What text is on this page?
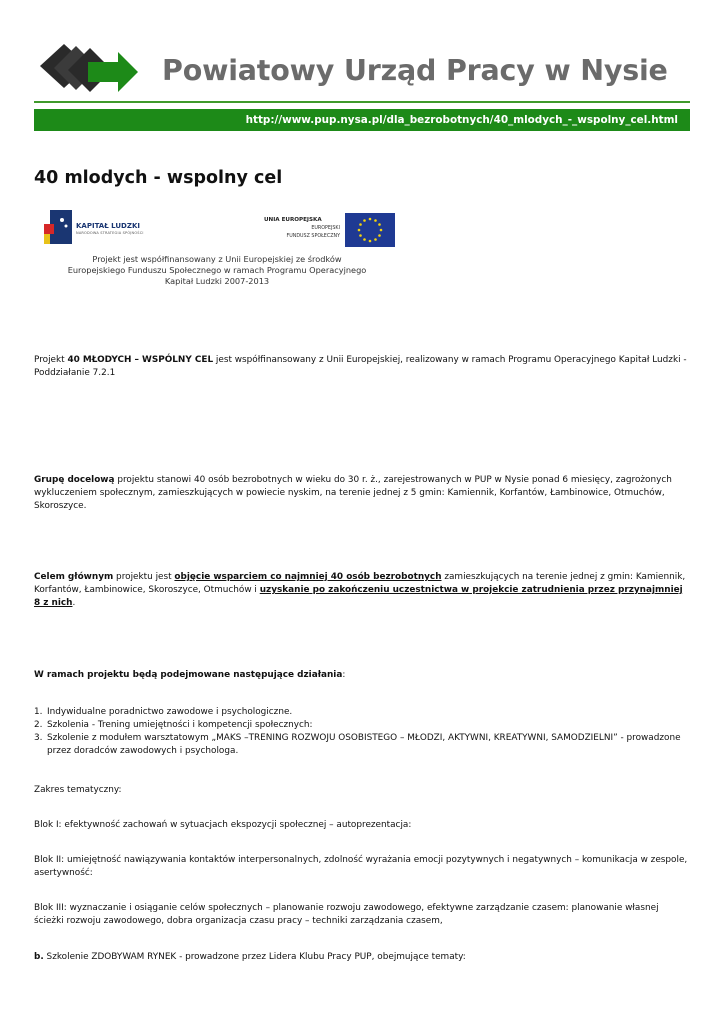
Powiatowy Urząd Pracy w Nysie
http://www.pup.nysa.pl/dla_bezrobotnych/40_mlodych_-_wspolny_cel.html
40 mlodych - wspolny cel
KAPITAŁ LUDZKI
NARODOWA STRATEGIA SPÓJNOŚCI
UNIA EUROPEJSKA
EUROPEJSKI
FUNDUSZ SPOŁECZNY
Projekt jest współfinansowany z Unii Europejskiej ze środków
Europejskiego Funduszu Społecznego w ramach Programu Operacyjnego
Kapitał Ludzki 2007-2013

Projekt 40 MŁODYCH – WSPÓLNY CEL jest współfinansowany z Unii Europejskiej, realizowany w ramach Programu Operacyjnego Kapitał Ludzki - Poddziałanie 7.2.1

Grupę docelową projektu stanowi 40 osób bezrobotnych w wieku do 30 r. ż., zarejestrowanych w PUP w Nysie ponad 6 miesięcy, zagrożonych wykluczeniem społecznym, zamieszkujących w powiecie nyskim, na terenie jednej z 5 gmin: Kamiennik, Korfantów, Łambinowice, Otmuchów, Skoroszyce.

Celem głównym projektu jest objęcie wsparciem co najmniej 40 osób bezrobotnych zamieszkujących na terenie jednej z gmin: Kamiennik, Korfantów, Łambinowice, Skoroszyce, Otmuchów i uzyskanie po zakończeniu uczestnictwa w projekcie zatrudnienia przez przynajmniej 8 z nich.

W ramach projektu będą podejmowane następujące działania:

1. Indywidualne poradnictwo zawodowe i psychologiczne.
2. Szkolenia - Trening umiejętności i kompetencji społecznych:
3. Szkolenie z modułem warsztatowym „MAKS –TRENING ROZWOJU OSOBISTEGO – MŁODZI, AKTYWNI, KREATYWNI, SAMODZIELNI” - prowadzone przez doradców zawodowych i psychologa.

Zakres tematyczny:

Blok I: efektywność zachowań w sytuacjach ekspozycji społecznej – autoprezentacja:

Blok II: umiejętność nawiązywania kontaktów interpersonalnych, zdolność wyrażania emocji pozytywnych i negatywnych – komunikacja w zespole, asertywność:

Blok III: wyznaczanie i osiąganie celów społecznych – planowanie rozwoju zawodowego, efektywne zarządzanie czasem: planowanie własnej ścieżki rozwoju zawodowego, dobra organizacja czasu pracy – techniki zarządzania czasem,

b. Szkolenie ZDOBYWAM RYNEK - prowadzone przez Lidera Klubu Pracy PUP, obejmujące tematy:
